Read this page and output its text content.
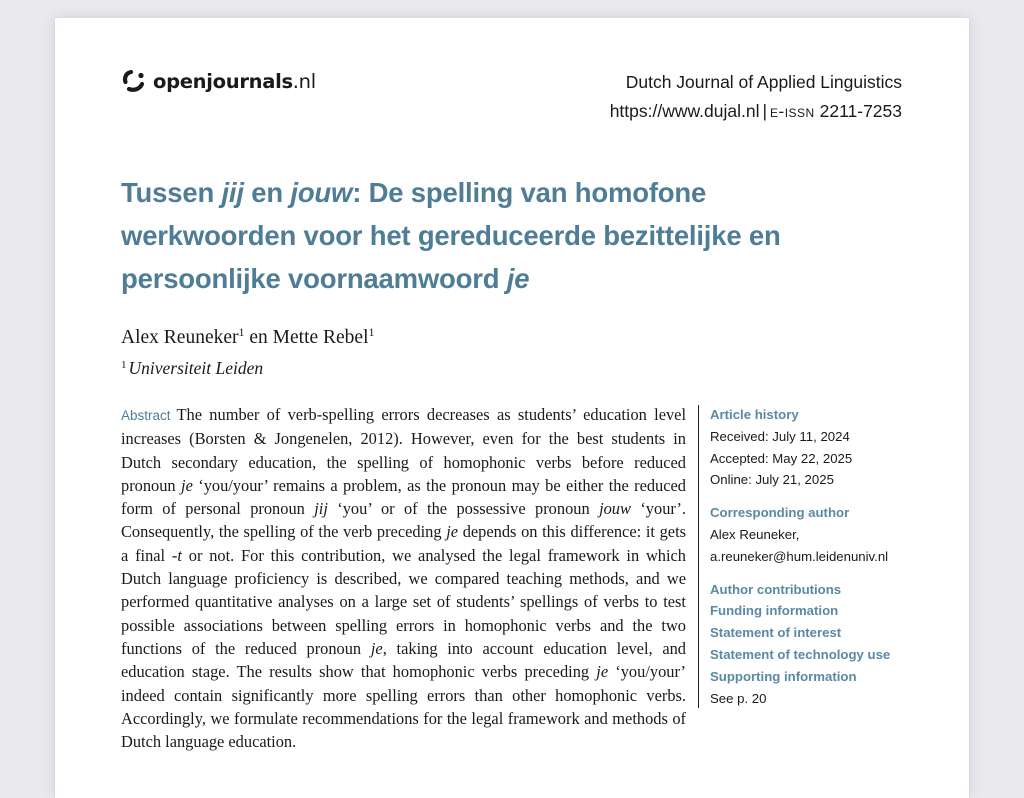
openjournals.nl	Dutch Journal of Applied Linguistics
https://www.dujal.nl | e-issn 2211-7253
Tussen jij en jouw: De spelling van homofone werkwoorden voor het gereduceerde bezittelijke en persoonlijke voornaamwoord je
Alex Reuneker$^1$ en Mette Rebel$^1$
$^1$ Universiteit Leiden

Abstract The number of verb-spelling errors decreases as students’ education level increases (Borsten & Jongenelen, 2012). However, even for the best students in Dutch secondary education, the spelling of homophonic verbs before reduced pronoun je ‘you/your’ remains a problem, as the pronoun may be either the reduced form of personal pronoun jij ‘you’ or of the possessive pronoun jouw ‘your’. Consequently, the spelling of the verb preceding je depends on this difference: it gets a final -t or not. For this contribution, we analysed the legal framework in which Dutch language proficiency is described, we compared teaching methods, and we performed quantitative analyses on a large set of students’ spellings of verbs to test possible associations between spelling errors in homophonic verbs and the two functions of the reduced pronoun je, taking into account education level, and education stage. The results show that homophonic verbs preceding je ‘you/your’ indeed contain significantly more spelling errors than other homophonic verbs. Accordingly, we formulate recommendations for the legal framework and methods of Dutch language education.

Article history
Received: July 11, 2024
Accepted: May 22, 2025
Online: July 21, 2025
Corresponding author
Alex Reuneker,
a.reuneker@hum.leidenuniv.nl
Author contributions
Funding information
Statement of interest
Statement of technology use
Supporting information
See p. 20
